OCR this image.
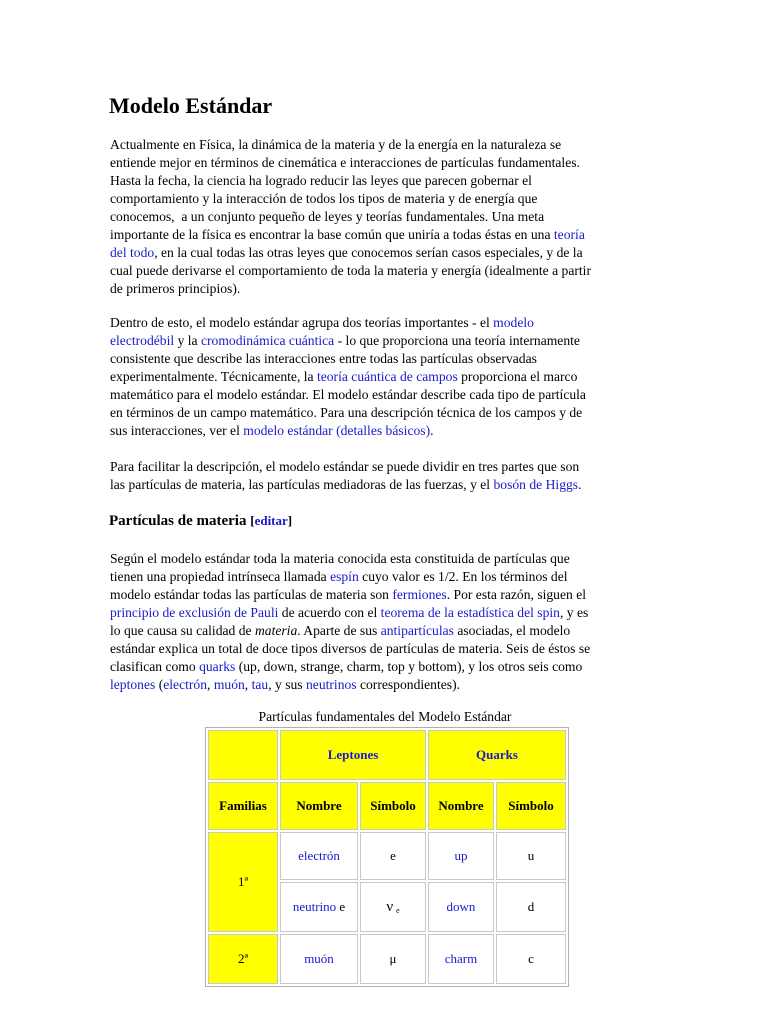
Modelo Estándar
Actualmente en Física, la dinámica de la materia y de la energía en la naturaleza se
entiende mejor en términos de cinemática e interacciones de partículas fundamentales.
Hasta la fecha, la ciencia ha logrado reducir las leyes que parecen gobernar el
comportamiento y la interacción de todos los tipos de materia y de energía que
conocemos,  a un conjunto pequeño de leyes y teorías fundamentales. Una meta
importante de la física es encontrar la base común que uniría a todas éstas en una teoría
del todo, en la cual todas las otras leyes que conocemos serían casos especiales, y de la
cual puede derivarse el comportamiento de toda la materia y energía (idealmente a partir
de primeros principios).
Dentro de esto, el modelo estándar agrupa dos teorías importantes - el modelo
electrodébil y la cromodinámica cuántica - lo que proporciona una teoría internamente
consistente que describe las interacciones entre todas las partículas observadas
experimentalmente. Técnicamente, la teoría cuántica de campos proporciona el marco
matemático para el modelo estándar. El modelo estándar describe cada tipo de partícula
en términos de un campo matemático. Para una descripción técnica de los campos y de
sus interacciones, ver el modelo estándar (detalles básicos).
Para facilitar la descripción, el modelo estándar se puede dividir en tres partes que son
las partículas de materia, las partículas mediadoras de las fuerzas, y el bosón de Higgs.
Partículas de materia [editar]
Según el modelo estándar toda la materia conocida esta constituida de partículas que
tienen una propiedad intrínseca llamada espín cuyo valor es 1/2. En los términos del
modelo estándar todas las partículas de materia son fermiones. Por esta razón, siguen el
principio de exclusión de Pauli de acuerdo con el teorema de la estadística del spin, y es
lo que causa su calidad de materia. Aparte de sus antipartículas asociadas, el modelo
estándar explica un total de doce tipos diversos de partículas de materia. Seis de éstos se
clasifican como quarks (up, down, strange, charm, top y bottom), y los otros seis como
leptones (electrón, muón, tau, y sus neutrinos correspondientes).
Partículas fundamentales del Modelo Estándar
	Leptones		Quarks	
Familias	Nombre	Símbolo	Nombre	Símbolo
1ª	electrón	e	up	u
	neutrino e	ν $_e$	down	d
2ª	muón	μ	charm	c
